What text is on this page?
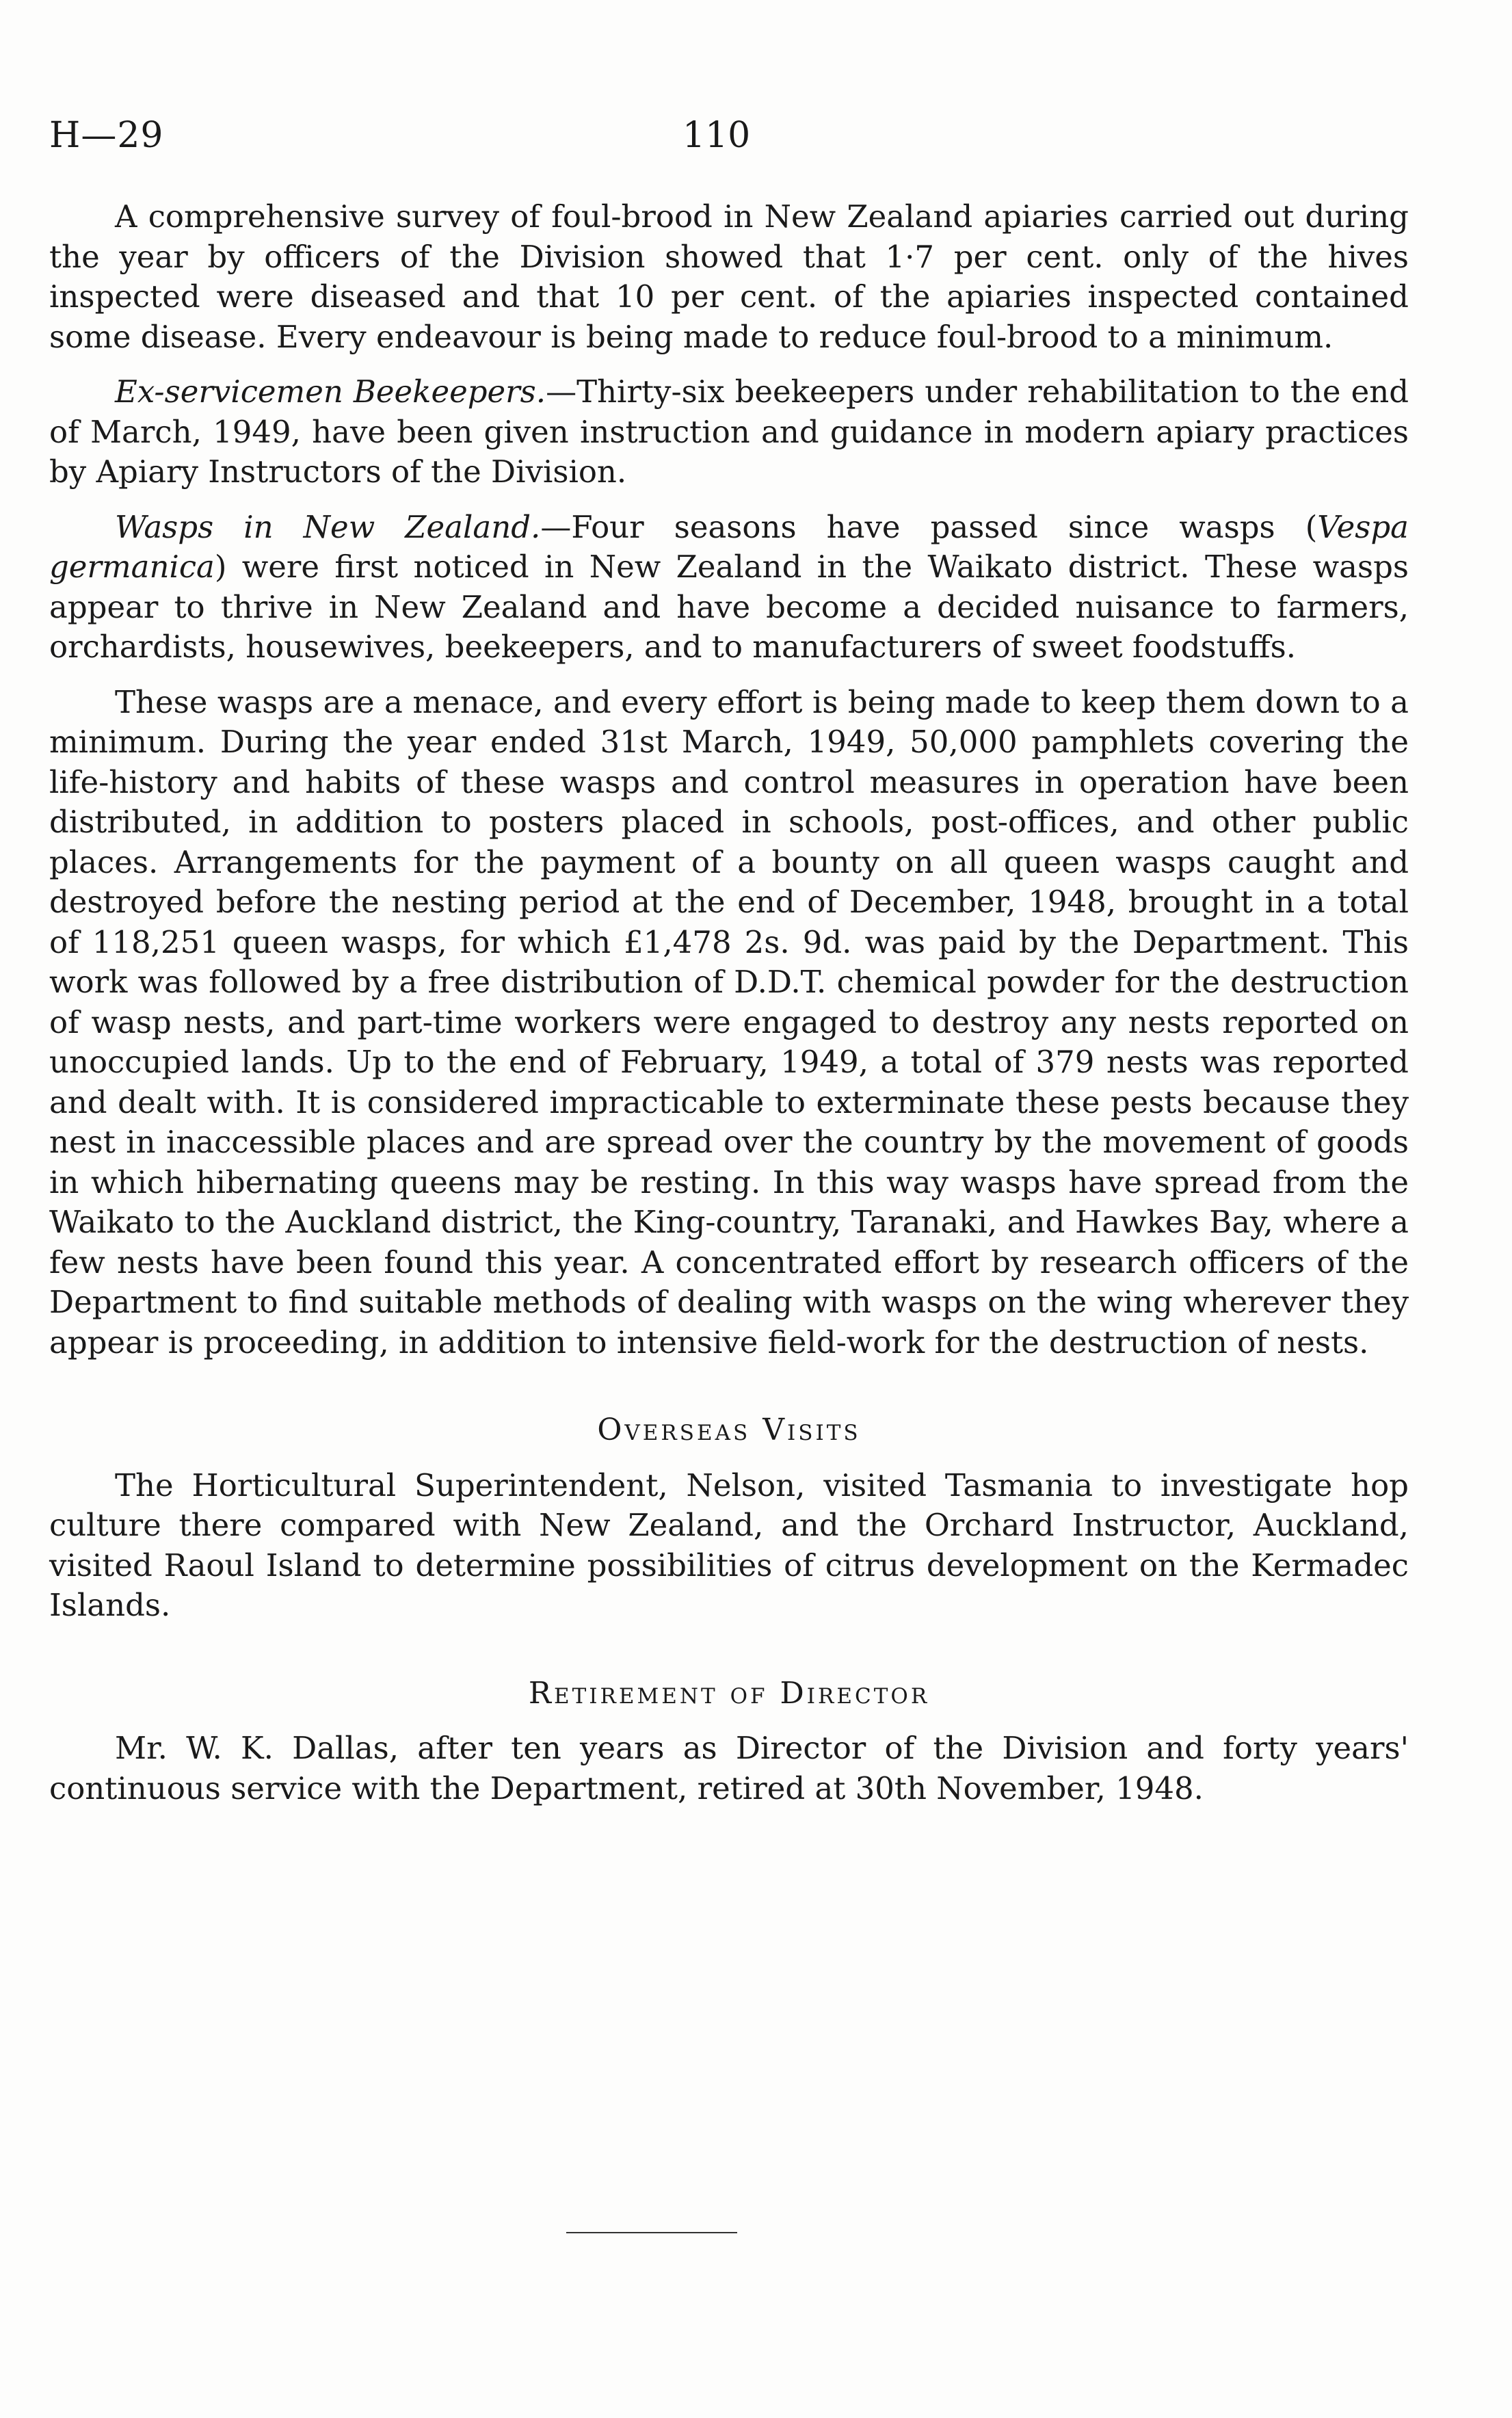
H—29	110

A comprehensive survey of foul-brood in New Zealand apiaries carried out during the year by officers of the Division showed that 1·7 per cent. only of the hives inspected were diseased and that 10 per cent. of the apiaries inspected contained some disease. Every endeavour is being made to reduce foul-brood to a minimum.

Ex-servicemen Beekeepers.—Thirty-six beekeepers under rehabilitation to the end of March, 1949, have been given instruction and guidance in modern apiary practices by Apiary Instructors of the Division.

Wasps in New Zealand.—Four seasons have passed since wasps (Vespa germanica) were first noticed in New Zealand in the Waikato district. These wasps appear to thrive in New Zealand and have become a decided nuisance to farmers, orchardists, housewives, beekeepers, and to manufacturers of sweet foodstuffs.

These wasps are a menace, and every effort is being made to keep them down to a minimum. During the year ended 31st March, 1949, 50,000 pamphlets covering the life-history and habits of these wasps and control measures in operation have been distributed, in addition to posters placed in schools, post-offices, and other public places. Arrangements for the payment of a bounty on all queen wasps caught and destroyed before the nesting period at the end of December, 1948, brought in a total of 118,251 queen wasps, for which £1,478 2s. 9d. was paid by the Department. This work was followed by a free distribution of D.D.T. chemical powder for the destruction of wasp nests, and part-time workers were engaged to destroy any nests reported on unoccupied lands. Up to the end of February, 1949, a total of 379 nests was reported and dealt with. It is considered impracticable to exterminate these pests because they nest in inaccessible places and are spread over the country by the movement of goods in which hibernating queens may be resting. In this way wasps have spread from the Waikato to the Auckland district, the King-country, Taranaki, and Hawkes Bay, where a few nests have been found this year. A concentrated effort by research officers of the Department to find suitable methods of dealing with wasps on the wing wherever they appear is proceeding, in addition to intensive field-work for the destruction of nests.

Overseas Visits

The Horticultural Superintendent, Nelson, visited Tasmania to investigate hop culture there compared with New Zealand, and the Orchard Instructor, Auckland, visited Raoul Island to determine possibilities of citrus development on the Kermadec Islands.

Retirement of Director

Mr. W. K. Dallas, after ten years as Director of the Division and forty years' continuous service with the Department, retired at 30th November, 1948.
